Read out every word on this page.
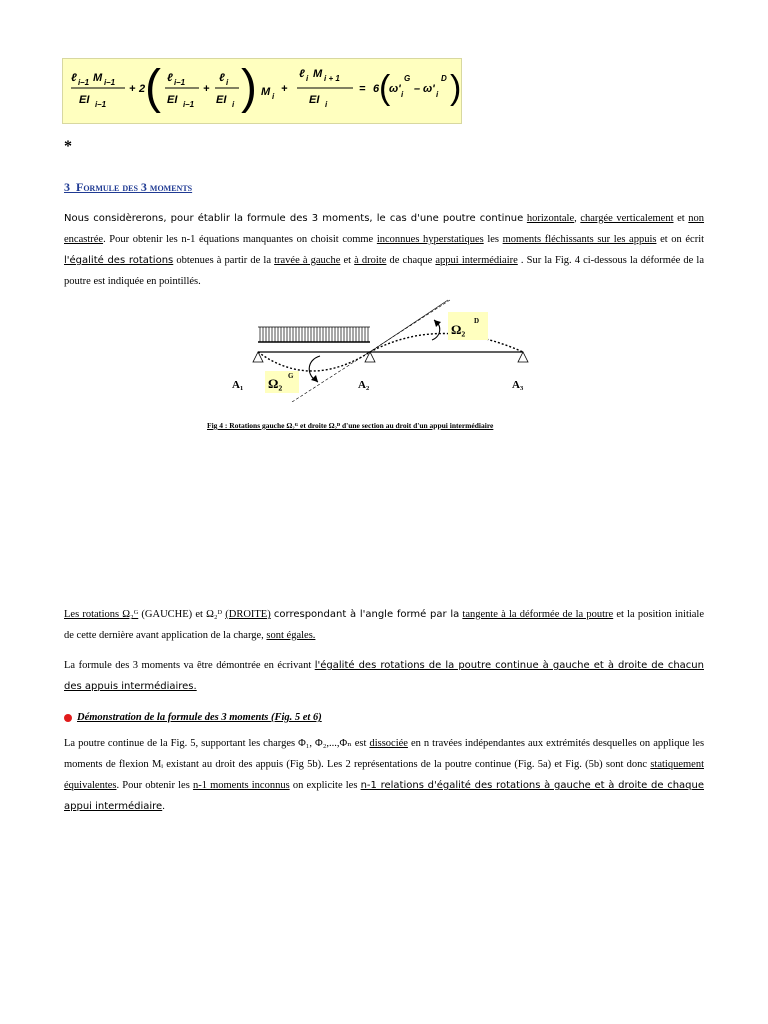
ℓ i–1 M i–1
EI i–1
+ 2 ( ℓ i–1
EI i–1
+
ℓ i
EI i ) M i
+
ℓ i M i + 1
EI i
= 6 (
ω' i
G
– ω' i
D )
*
3 Formule des 3 moments
Nous considèrerons, pour établir la formule des 3 moments, le cas d'une poutre continue horizontale, chargée verticalement et non encastrée. Pour obtenir les n-1 équations manquantes on choisit comme inconnues hyperstatiques les moments fléchissants sur les appuis et on écrit l'égalité des rotations obtenues à partir de la travée à gauche et à droite de chaque appui intermédiaire . Sur la Fig. 4 ci-dessous la déformée de la poutre est indiquée en pointillés.
Ω₂ G
Ω₂
D
A₁	A₂	A₃
Fig 4 : Rotations gauche Ω₂ᴳ et droite Ω₂ᴰ d'une section au droit d'un appui intermédiaire
Les rotations Ω₂ᴳ (GAUCHE) et Ω₂ᴰ (DROITE) correspondant à l'angle formé par la tangente à la déformée de la poutre et la position initiale de cette dernière avant application de la charge, sont égales.
La formule des 3 moments va être démontrée en écrivant l'égalité des rotations de la poutre continue à gauche et à droite de chacun des appuis intermédiaires.
Démonstration de la formule des 3 moments (Fig. 5 et 6)
La poutre continue de la Fig. 5, supportant les charges Φ₁, Φ₂,...,Φₙ est dissociée en n travées indépendantes aux extrémités desquelles on applique les moments de flexion Mᵢ existant au droit des appuis (Fig 5b). Les 2 représentations de la poutre continue (Fig. 5a) et Fig. (5b) sont donc statiquement équivalentes. Pour obtenir les n-1 moments inconnus on explicite les n-1 relations d'égalité des rotations à gauche et à droite de chaque appui intermédiaire.
